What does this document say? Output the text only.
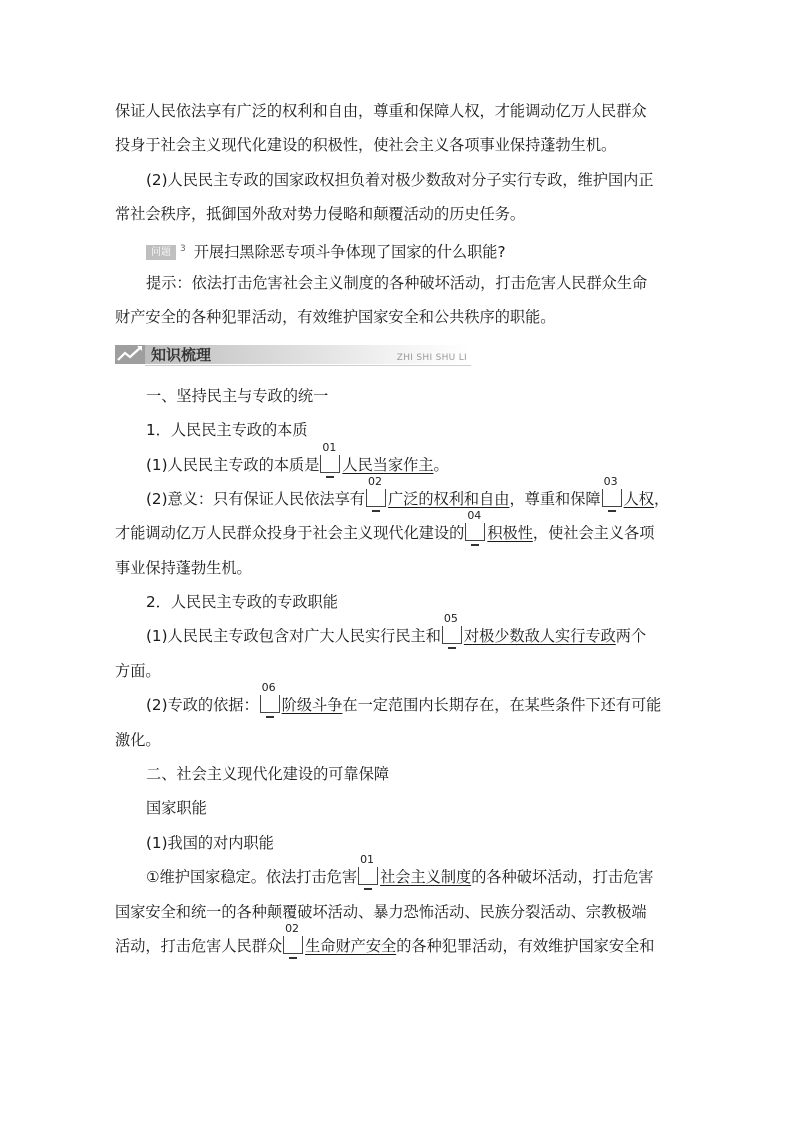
保证人民依法享有广泛的权利和自由，尊重和保障人权，才能调动亿万人民群众
投身于社会主义现代化建设的积极性，使社会主义各项事业保持蓬勃生机。
(2)人民民主专政的国家政权担负着对极少数敌对分子实行专政，维护国内正
常社会秩序，抵御国外敌对势力侵略和颠覆活动的历史任务。
问题 $^3$ 开展扫黑除恶专项斗争体现了国家的什么职能?
提示：依法打击危害社会主义制度的各种破坏活动，打击危害人民群众生命
财产安全的各种犯罪活动，有效维护国家安全和公共秩序的职能。
知识梳理	ZHI SHI SHU LI
一、坚持民主与专政的统一
1．人民民主专政的本质
(1)人民民主专政的本质是
01
人民当家作主。
(2)意义：只有保证人民依法享有
02
广泛的权利和自由，尊重和保障
03
人权，
才能调动亿万人民群众投身于社会主义现代化建设的
04
积极性，使社会主义各项
事业保持蓬勃生机。
2．人民民主专政的专政职能
(1)人民民主专政包含对广大人民实行民主和
05
对极少数敌人实行专政两个
方面。
(2)专政的依据：
06
阶级斗争在一定范围内长期存在，在某些条件下还有可能
激化。
二、社会主义现代化建设的可靠保障
国家职能
(1)我国的对内职能
①维护国家稳定。依法打击危害
01
社会主义制度的各种破坏活动，打击危害
国家安全和统一的各种颠覆破坏活动、暴力恐怖活动、民族分裂活动、宗教极端
活动，打击危害人民群众
02
生命财产安全的各种犯罪活动，有效维护国家安全和
